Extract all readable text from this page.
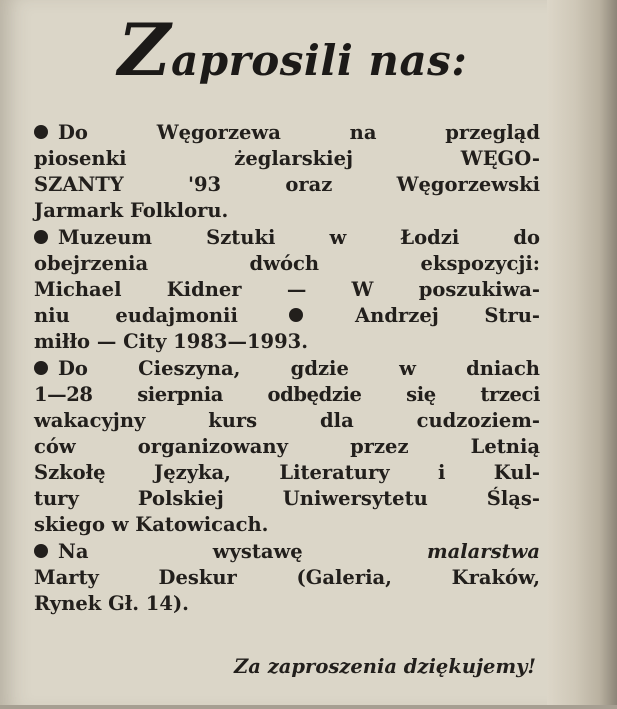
Zaprosili nas:

Do Węgorzewa na przegląd
piosenki żeglarskiej WĘGO-
SZANTY '93 oraz Węgorzewski
Jarmark Folkloru.

Muzeum Sztuki w Łodzi do
obejrzenia dwóch ekspozycji:
Michael Kidner — W poszukiwa-
niu eudajmonii	Andrzej Stru-
miłło — City 1983—1993.

Do Cieszyna, gdzie w dniach
1—28 sierpnia odbędzie się trzeci
wakacyjny kurs dla cudzoziem-
ców organizowany przez Letnią
Szkołę Języka, Literatury i Kul-
tury Polskiej Uniwersytetu Śląs-
skiego w Katowicach.

Na	wystawę	malarstwa
Marty Deskur (Galeria, Kraków,
Rynek Gł. 14).

Za zaproszenia dziękujemy!
